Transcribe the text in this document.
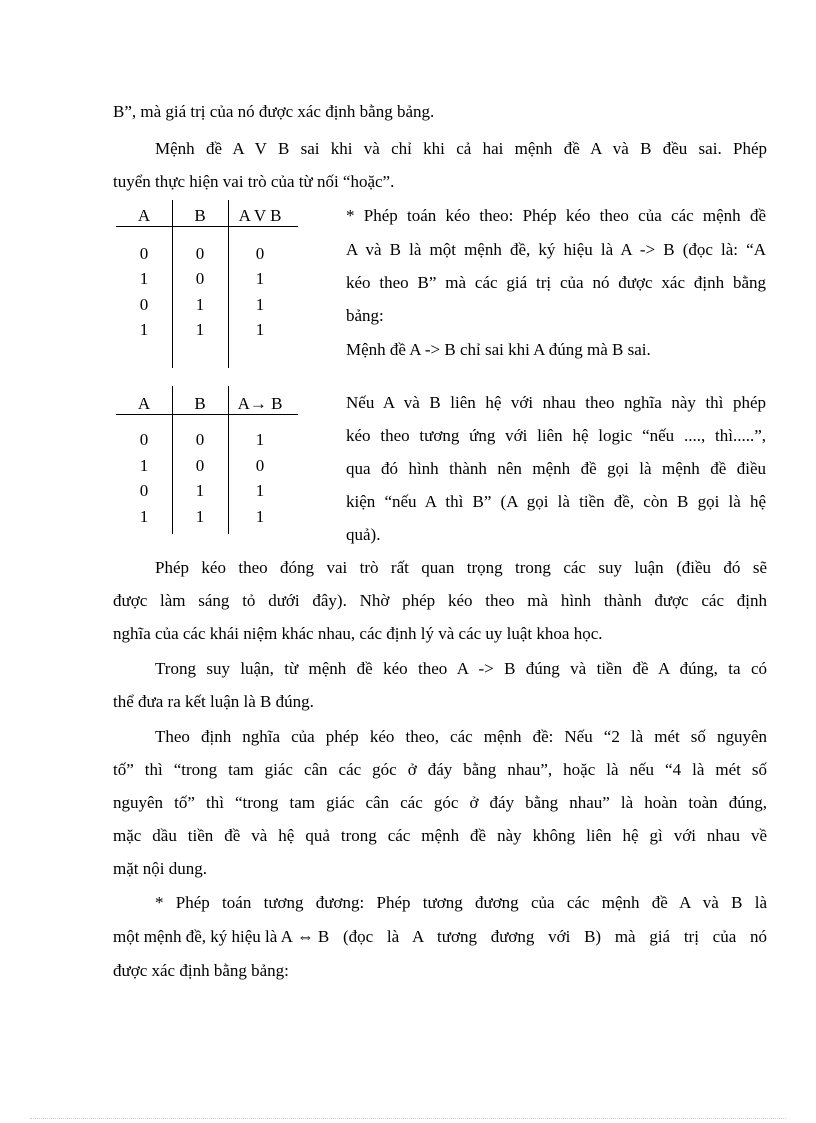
B”, mà giá trị của nó được xác định bằng bảng.
Mệnh đề A V B sai khi và chỉ khi cả hai mệnh đề A và B đều sai. Phép
tuyển thực hiện vai trò của từ nối “hoặc”.
A	B	A V B
0	0	0
1	0	1
0	1	1
1	1	1
* Phép toán kéo theo: Phép kéo theo của các mệnh đề
A và B là một mệnh đề, ký hiệu là A -> B (đọc là: “A
kéo theo B” mà các giá trị của nó được xác định bằng
bảng:
Mệnh đề A -> B chỉ sai khi A đúng mà B sai.
A	B	A→ B
0	0	1
1	0	0
0	1	1
1	1	1
Nếu A và B liên hệ với nhau theo nghĩa này thì phép
kéo theo tương ứng với liên hệ logic “nếu ...., thì.....”,
qua đó hình thành nên mệnh đề gọi là mệnh đề điều
kiện “nếu A thì B” (A gọi là tiền đề, còn B gọi là hệ
quả).
Phép kéo theo đóng vai trò rất quan trọng trong các suy luận (điều đó sẽ
được làm sáng tỏ dưới đây). Nhờ phép kéo theo mà hình thành được các định
nghĩa của các khái niệm khác nhau, các định lý và các uy luật khoa học.
Trong suy luận, từ mệnh đề kéo theo A -> B đúng và tiền đề A đúng, ta có
thể đưa ra kết luận là B đúng.
Theo định nghĩa của phép kéo theo, các mệnh đề: Nếu “2 là mét số nguyên
tố” thì “trong tam giác cân các góc ở đáy bằng nhau”, hoặc là nếu “4 là mét số
nguyên tố” thì “trong tam giác cân các góc ở đáy bằng nhau” là hoàn toàn đúng,
mặc dầu tiền đề và hệ quả trong các mệnh đề này không liên hệ gì với nhau về
mặt nội dung.
* Phép toán tương đương: Phép tương đương của các mệnh đề A và B là
một mệnh đề, ký hiệu là A ⇔ B (đọc là A tương đương với B) mà giá trị của nó
được xác định bằng bảng:
